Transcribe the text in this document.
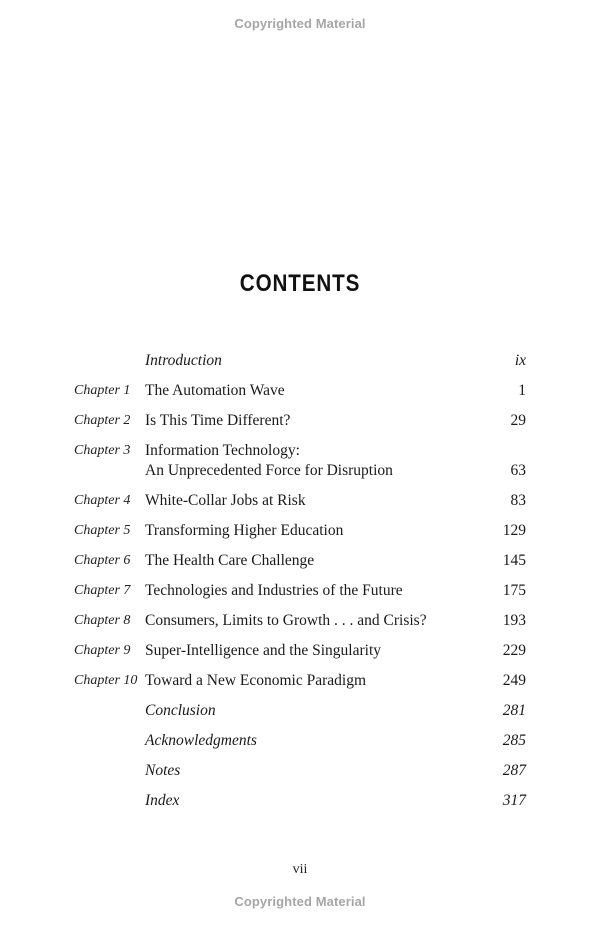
Copyrighted Material
CONTENTS
Introduction	ix
Chapter 1 The Automation Wave	1
Chapter 2 Is This Time Different?	29
Chapter 3 Information Technology:
An Unprecedented Force for Disruption	63
Chapter 4 White-Collar Jobs at Risk	83
Chapter 5 Transforming Higher Education	129
Chapter 6 The Health Care Challenge	145
Chapter 7 Technologies and Industries of the Future	175
Chapter 8 Consumers, Limits to Growth . . . and Crisis?	193
Chapter 9 Super-Intelligence and the Singularity	229
Chapter 10 Toward a New Economic Paradigm	249
Conclusion	281
Acknowledgments	285
Notes	287
Index	317
vii
Copyrighted Material
